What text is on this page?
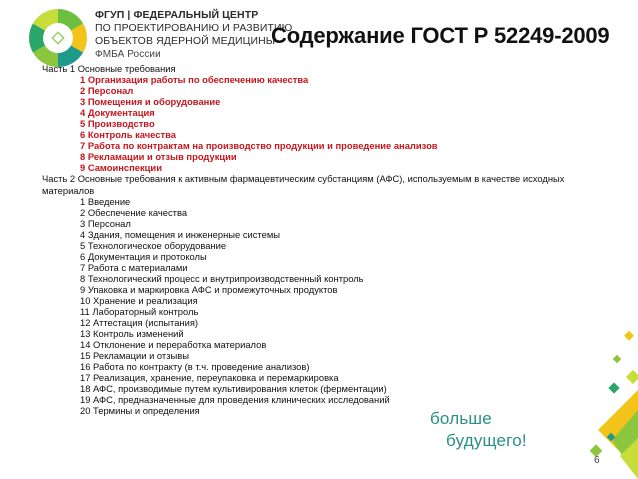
ФГУП | ФЕДЕРАЛЬНЫЙ ЦЕНТР
ПО ПРОЕКТИРОВАНИЮ И РАЗВИТИЮ
ОБЪЕКТОВ ЯДЕРНОЙ МЕДИЦИНЫ
ФМБА России
Содержание ГОСТ Р 52249-2009
Часть 1 Основные требования
1 Организация работы по обеспечению качества
2 Персонал
3 Помещения и оборудование
4 Документация
5 Производство
6 Контроль качества
7 Работа по контрактам на производство продукции и проведение анализов
8 Рекламации и отзыв продукции
9 Самоинспекции
Часть 2 Основные требования к активным фармацевтическим субстанциям (АФС), используемым в качестве исходных
материалов
1 Введение
2 Обеспечение качества
3 Персонал
4 Здания, помещения и инженерные системы
5 Технологическое оборудование
6 Документация и протоколы
7 Работа с материалами
8 Технологический процесс и внутрипроизводственный контроль
9 Упаковка и маркировка АФС и промежуточных продуктов
10 Хранение и реализация
11 Лабораторный контроль
12 Аттестация (испытания)
13 Контроль изменений
14 Отклонение и переработка материалов
15 Рекламации и отзывы
16 Работа по контракту (в т.ч. проведение анализов)
17 Реализация, хранение, переупаковка и перемаркировка
18 АФС, производимые путем культивирования клеток (ферментации)
19 АФС, предназначенные для проведения клинических исследований
20 Термины и определения	больше
будущего!
6
